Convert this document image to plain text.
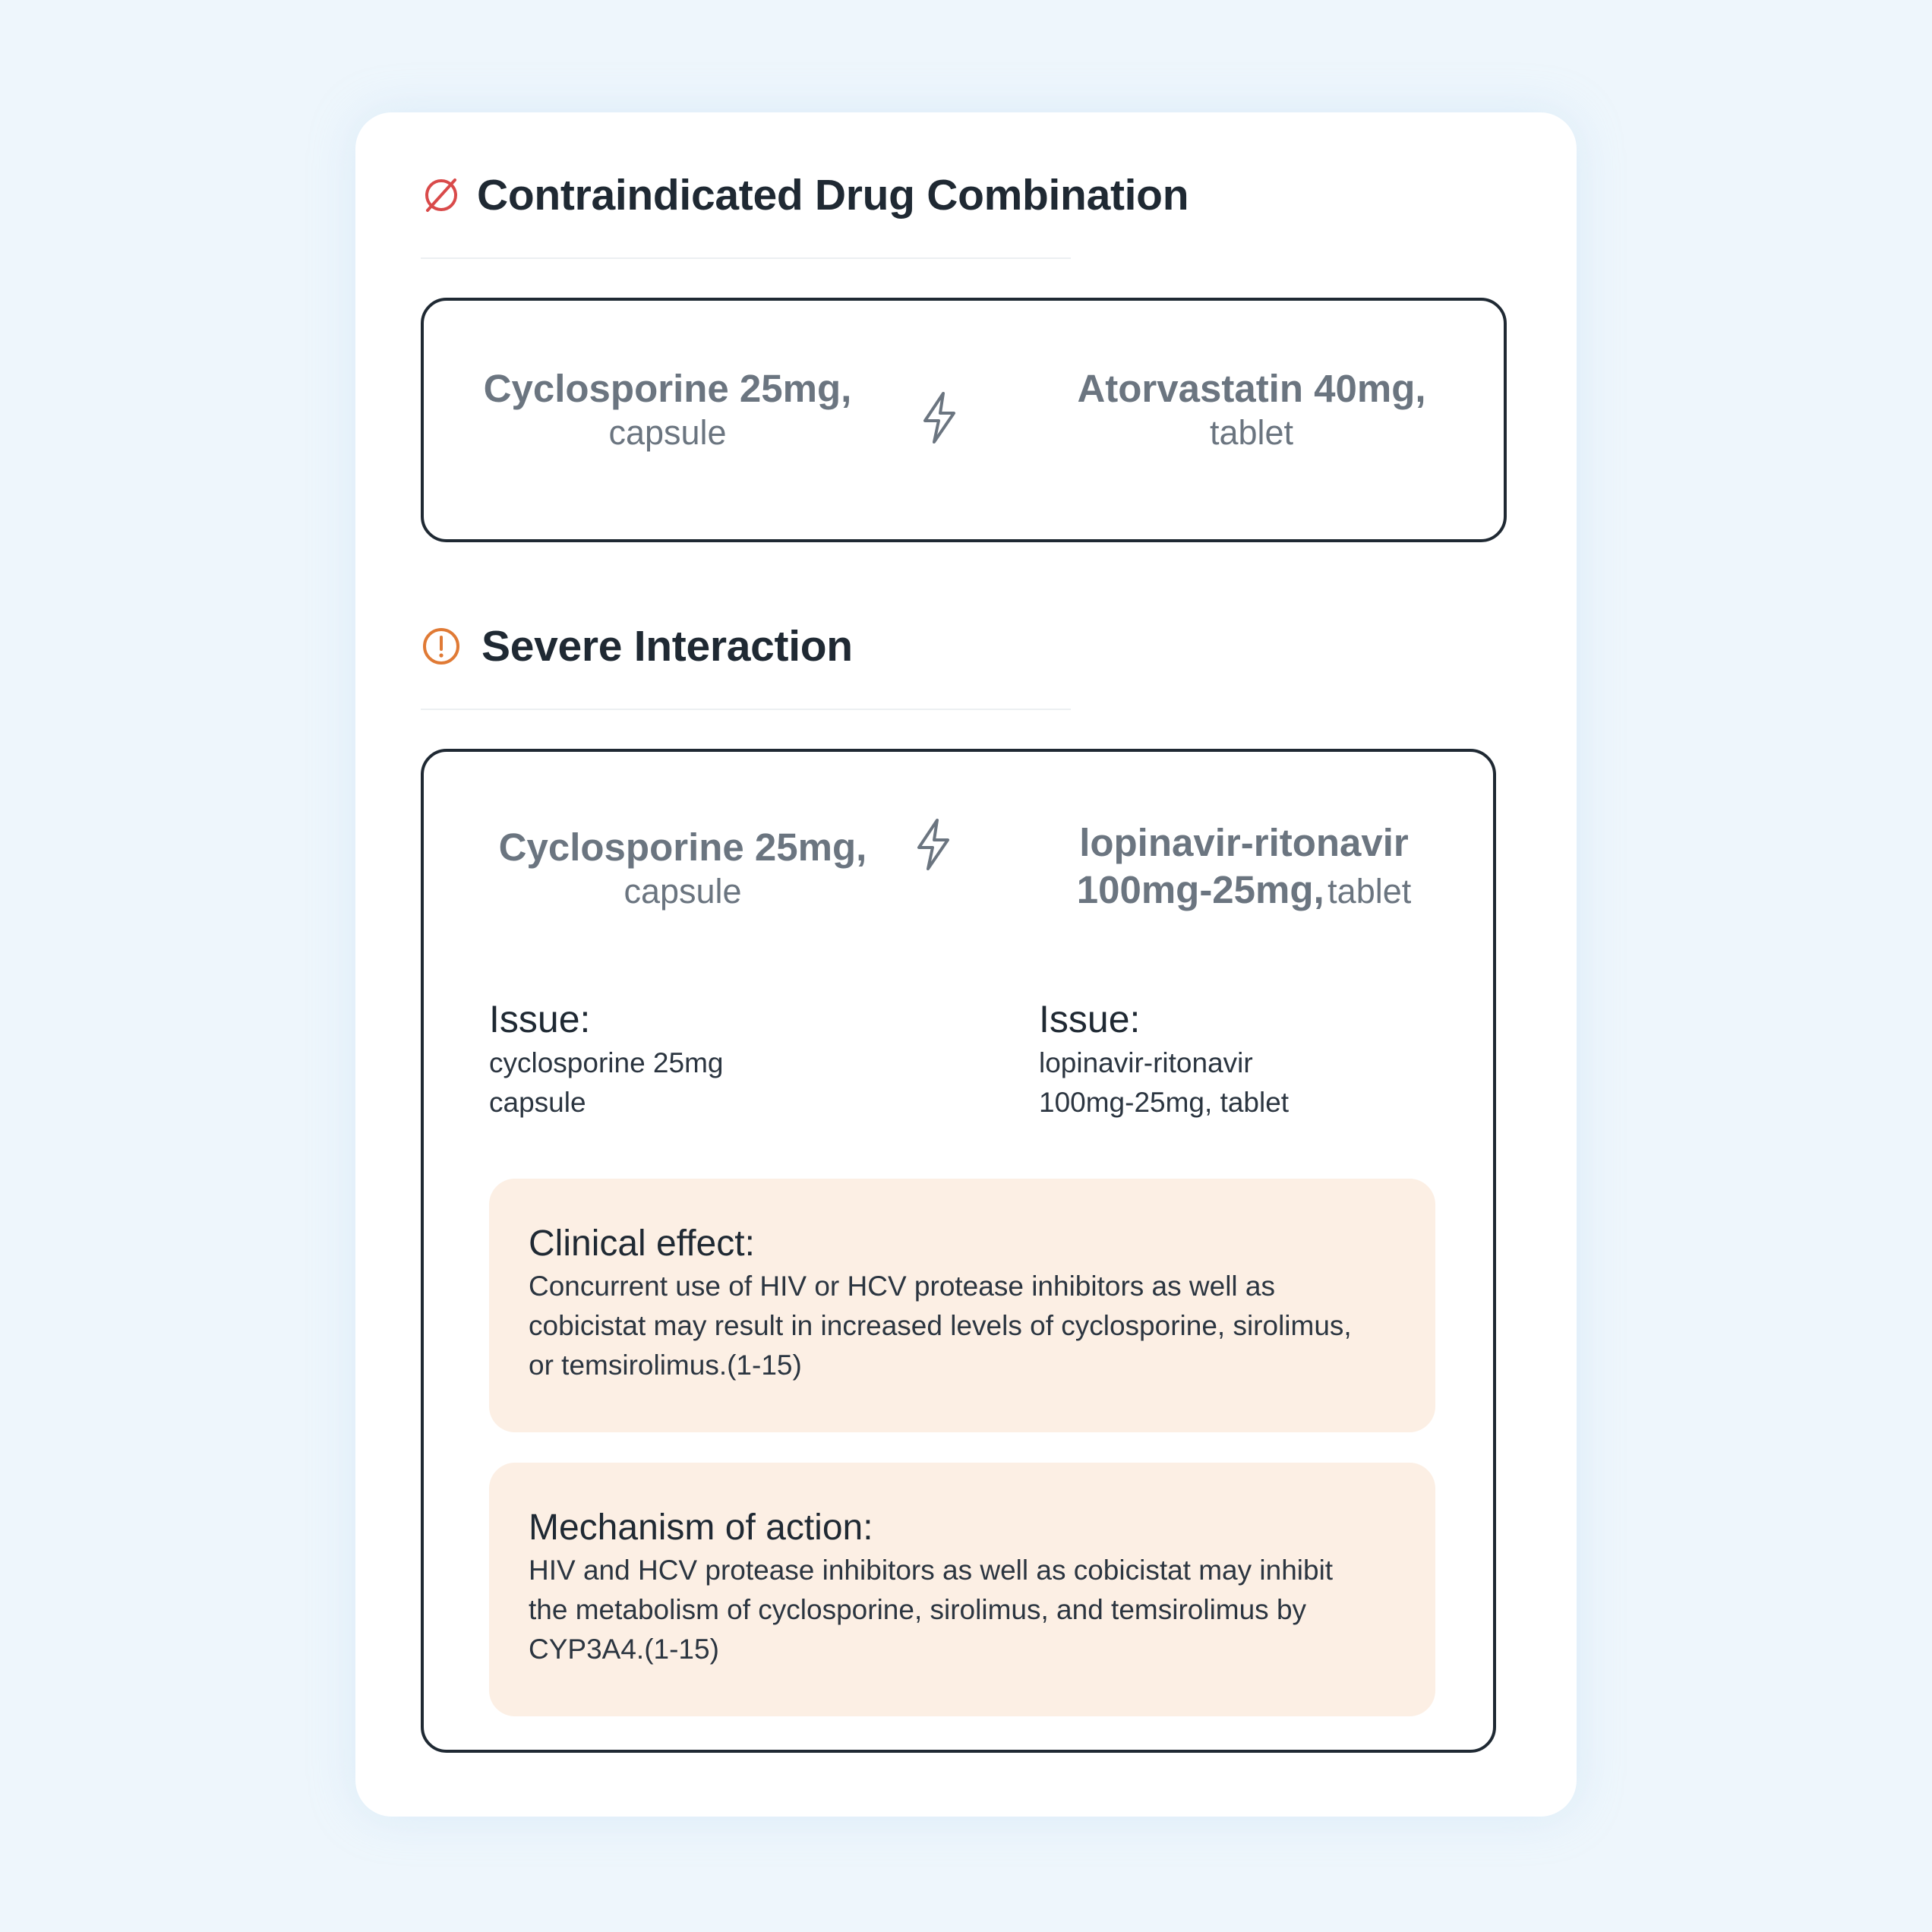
Contraindicated Drug Combination
Cyclosporine 25mg,
capsule
Atorvastatin 40mg,
tablet
Severe Interaction
Cyclosporine 25mg,
capsule
lopinavir-ritonavir
100mg-25mg, tablet
Issue:
cyclosporine 25mg
capsule
Issue:
lopinavir-ritonavir
100mg-25mg, tablet
Clinical effect:
Concurrent use of HIV or HCV protease inhibitors as well as
cobicistat may result in increased levels of cyclosporine, sirolimus,
or temsirolimus.(1-15)
Mechanism of action:
HIV and HCV protease inhibitors as well as cobicistat may inhibit
the metabolism of cyclosporine, sirolimus, and temsirolimus by
CYP3A4.(1-15)
